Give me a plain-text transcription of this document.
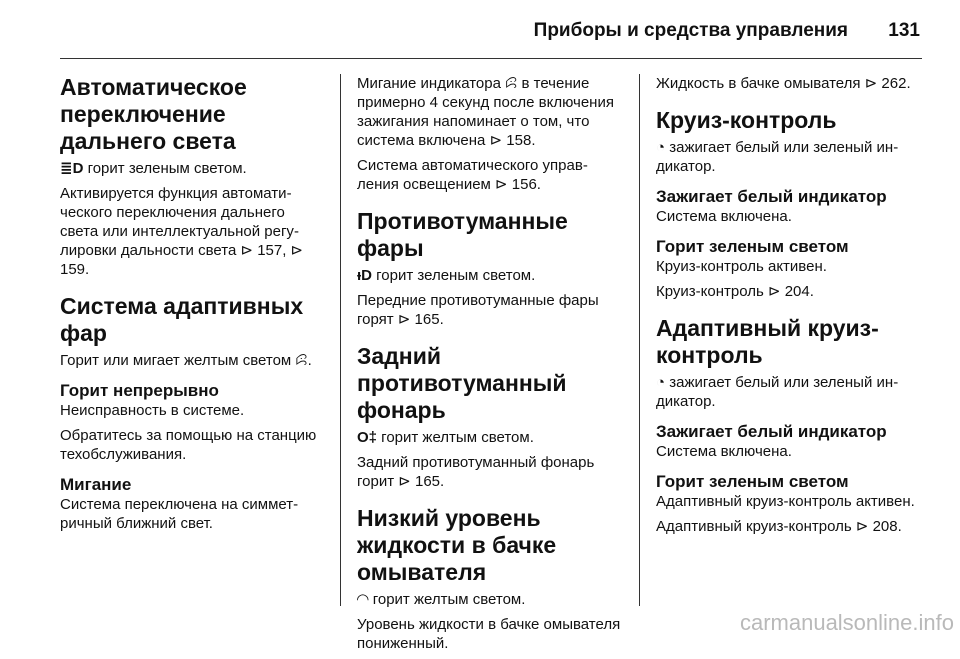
Приборы и средства управления 131
Автоматическое переключение дальнего света

≣D горит зеленым светом.

Активируется функция автоматического переключения дальнего света или интеллектуальной регулировки дальности света ⊳ 157, ⊳ 159.

Система адаптивных фар

Горит или мигает желтым светом ꕸ.

Горит непрерывно

Неисправность в системе.

Обратитесь за помощью на станцию техобслуживания.

Мигание

Система переключена на симметричный ближний свет.

Мигание индикатора ꕸ в течение примерно 4 секунд после включения зажигания напоминает о том, что система включена ⊳ 158.

Система автоматического управления освещением ⊳ 156.

Противотуманные фары

ᵻD горит зеленым светом.

Передние противотуманные фары горят ⊳ 165.

Задний противотуманный фонарь

O‡ горит желтым светом.

Задний противотуманный фонарь горит ⊳ 165.

Низкий уровень жидкости в бачке омывателя

◠ горит желтым светом.

Уровень жидкости в бачке омывателя пониженный.

Жидкость в бачке омывателя ⊳ 262.

Круиз-контроль

◔ зажигает белый или зеленый индикатор.

Зажигает белый индикатор

Система включена.

Горит зеленым светом

Круиз-контроль активен.

Круиз-контроль ⊳ 204.

Адаптивный круиз-контроль

◔ зажигает белый или зеленый индикатор.

Зажигает белый индикатор

Система включена.

Горит зеленым светом

Адаптивный круиз-контроль активен.

Адаптивный круиз-контроль ⊳ 208.

carmanualsonline.info
